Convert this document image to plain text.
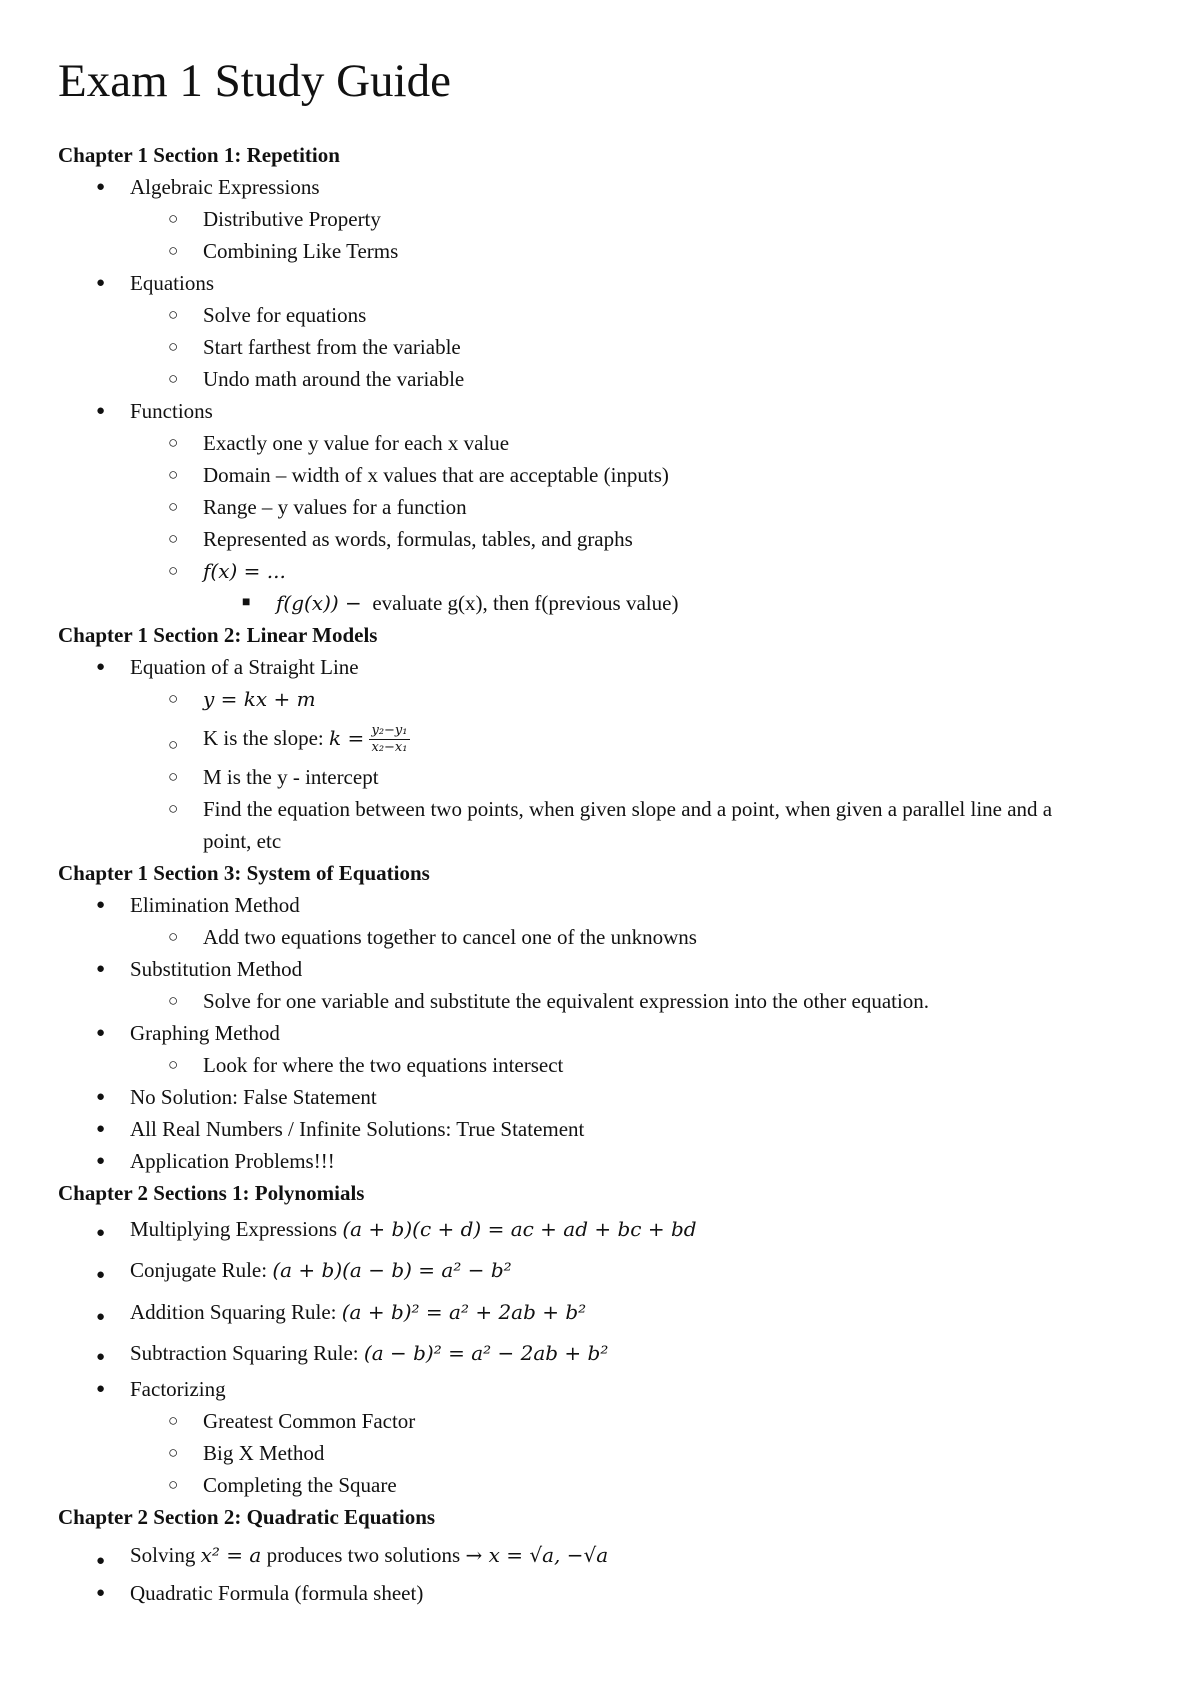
Exam 1 Study Guide
Chapter 1 Section 1: Repetition
● Algebraic Expressions
○ Distributive Property
○ Combining Like Terms
● Equations
○ Solve for equations
○ Start farthest from the variable
○ Undo math around the variable
● Functions
○ Exactly one y value for each x value
○ Domain – width of x values that are acceptable (inputs)
○ Range – y values for a function
○ Represented as words, formulas, tables, and graphs
○ f(x) = ...
■ f(g(x)) − evaluate g(x), then f(previous value)
Chapter 1 Section 2: Linear Models
● Equation of a Straight Line
○ y = kx + m
○ K is the slope: $k = \frac{\text{y₂−y₁}}{\text{x₂−x₁}}$
○ M is the y - intercept
○ Find the equation between two points, when given slope and a point, when given a parallel line and a point, etc
Chapter 1 Section 3: System of Equations
● Elimination Method
○ Add two equations together to cancel one of the unknowns
● Substitution Method
○ Solve for one variable and substitute the equivalent expression into the other equation.
● Graphing Method
○ Look for where the two equations intersect
● No Solution: False Statement
● All Real Numbers / Infinite Solutions: True Statement
● Application Problems!!!
Chapter 2 Sections 1: Polynomials
● Multiplying Expressions (a + b)(c + d) = ac + ad + bc + bd
● Conjugate Rule: (a + b)(a − b) = a² − b²
● Addition Squaring Rule: (a + b)² = a² + 2ab + b²
● Subtraction Squaring Rule: (a − b)² = a² − 2ab + b²
● Factorizing
○ Greatest Common Factor
○ Big X Method
○ Completing the Square
Chapter 2 Section 2: Quadratic Equations
● Solving x² = a produces two solutions → x = √a, −√a
● Quadratic Formula (formula sheet)
